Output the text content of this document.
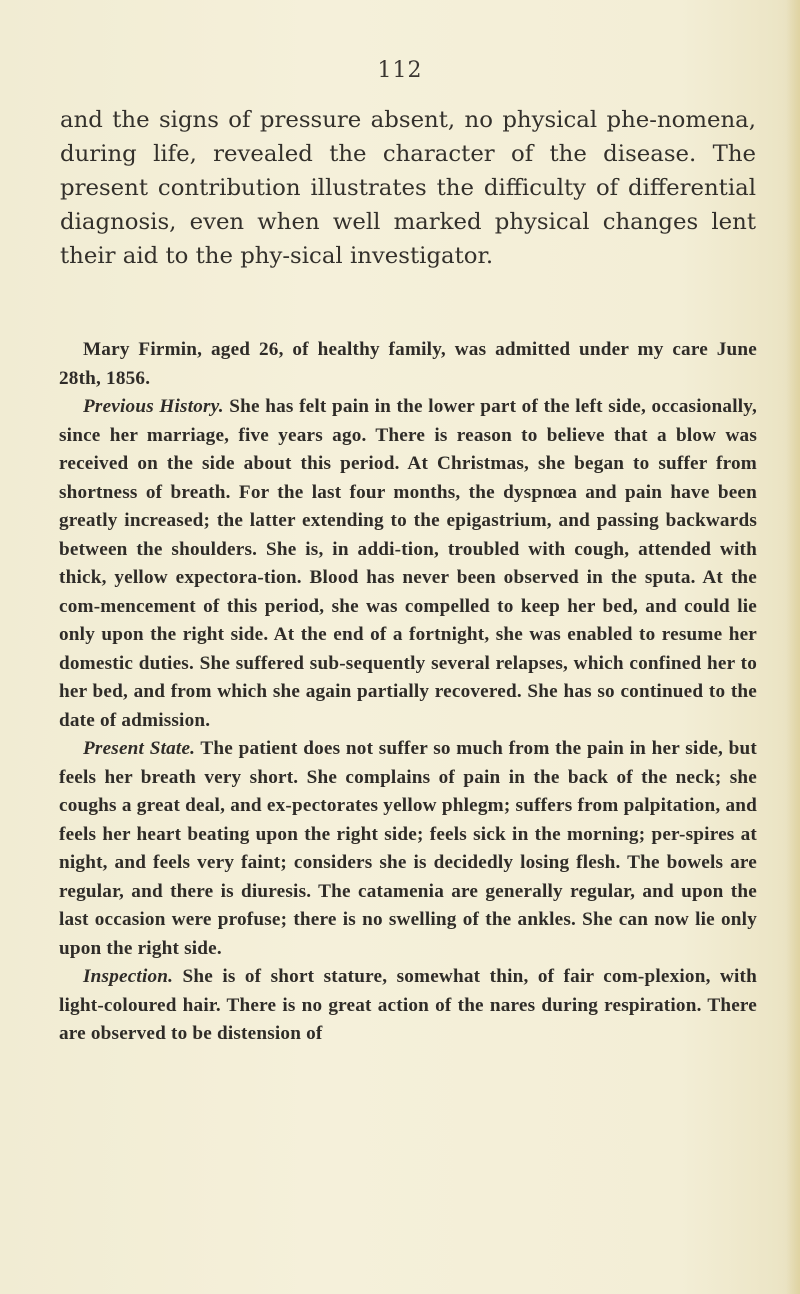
112

and the signs of pressure absent, no physical phe-nomena, during life, revealed the character of the disease. The present contribution illustrates the difficulty of differential diagnosis, even when well marked physical changes lent their aid to the phy-sical investigator.

Mary Firmin, aged 26, of healthy family, was admitted under my care June 28th, 1856.

Previous History. She has felt pain in the lower part of the left side, occasionally, since her marriage, five years ago. There is reason to believe that a blow was received on the side about this period. At Christmas, she began to suffer from shortness of breath. For the last four months, the dyspnœa and pain have been greatly increased; the latter extending to the epigastrium, and passing backwards between the shoulders. She is, in addi-tion, troubled with cough, attended with thick, yellow expectora-tion. Blood has never been observed in the sputa. At the com-mencement of this period, she was compelled to keep her bed, and could lie only upon the right side. At the end of a fortnight, she was enabled to resume her domestic duties. She suffered sub-sequently several relapses, which confined her to her bed, and from which she again partially recovered. She has so continued to the date of admission.

Present State. The patient does not suffer so much from the pain in her side, but feels her breath very short. She complains of pain in the back of the neck; she coughs a great deal, and ex-pectorates yellow phlegm; suffers from palpitation, and feels her heart beating upon the right side; feels sick in the morning; per-spires at night, and feels very faint; considers she is decidedly losing flesh. The bowels are regular, and there is diuresis. The catamenia are generally regular, and upon the last occasion were profuse; there is no swelling of the ankles. She can now lie only upon the right side.

Inspection. She is of short stature, somewhat thin, of fair com-plexion, with light-coloured hair. There is no great action of the nares during respiration. There are observed to be distension of
